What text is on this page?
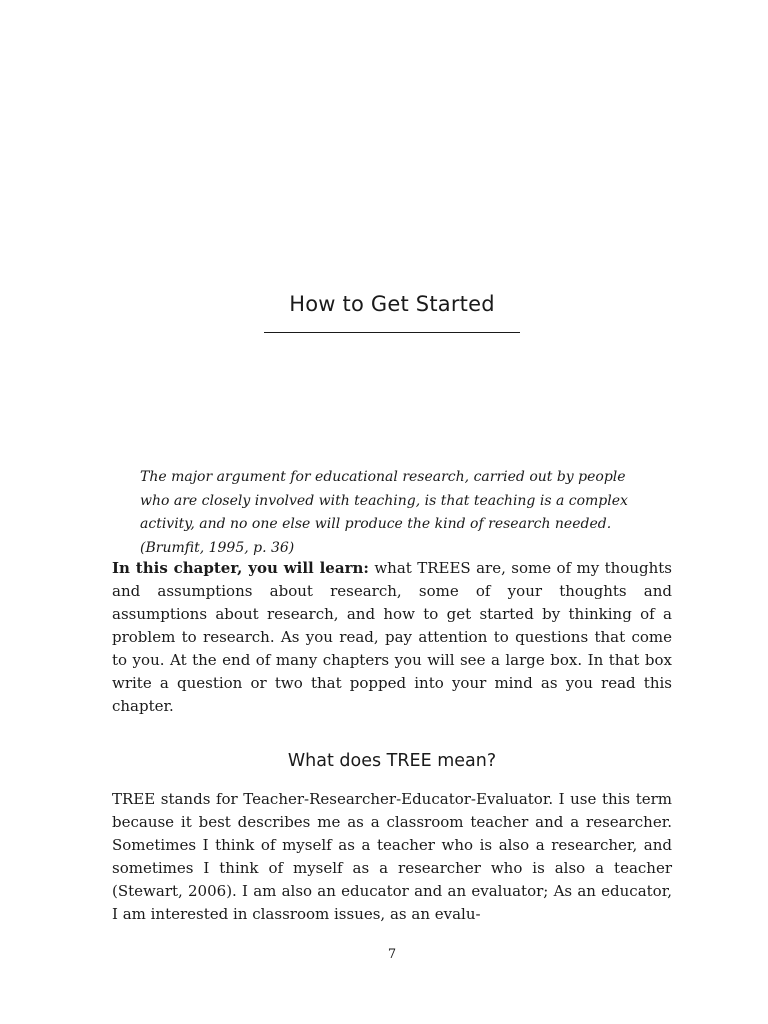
How to Get Started

The major argument for educational research, carried out by people who are closely involved with teaching, is that teaching is a complex activity, and no one else will produce the kind of research needed. (Brumfit, 1995, p. 36)

In this chapter, you will learn: what TREES are, some of my thoughts and assumptions about research, some of your thoughts and assumptions about research, and how to get started by thinking of a problem to research. As you read, pay attention to questions that come to you. At the end of many chapters you will see a large box. In that box write a question or two that popped into your mind as you read this chapter.

What does TREE mean?

TREE stands for Teacher-Researcher-Educator-Evaluator. I use this term because it best describes me as a classroom teacher and a researcher. Sometimes I think of myself as a teacher who is also a researcher, and sometimes I think of myself as a researcher who is also a teacher (Stewart, 2006). I am also an educator and an evaluator; As an educator, I am interested in classroom issues, as an evalu-

7
